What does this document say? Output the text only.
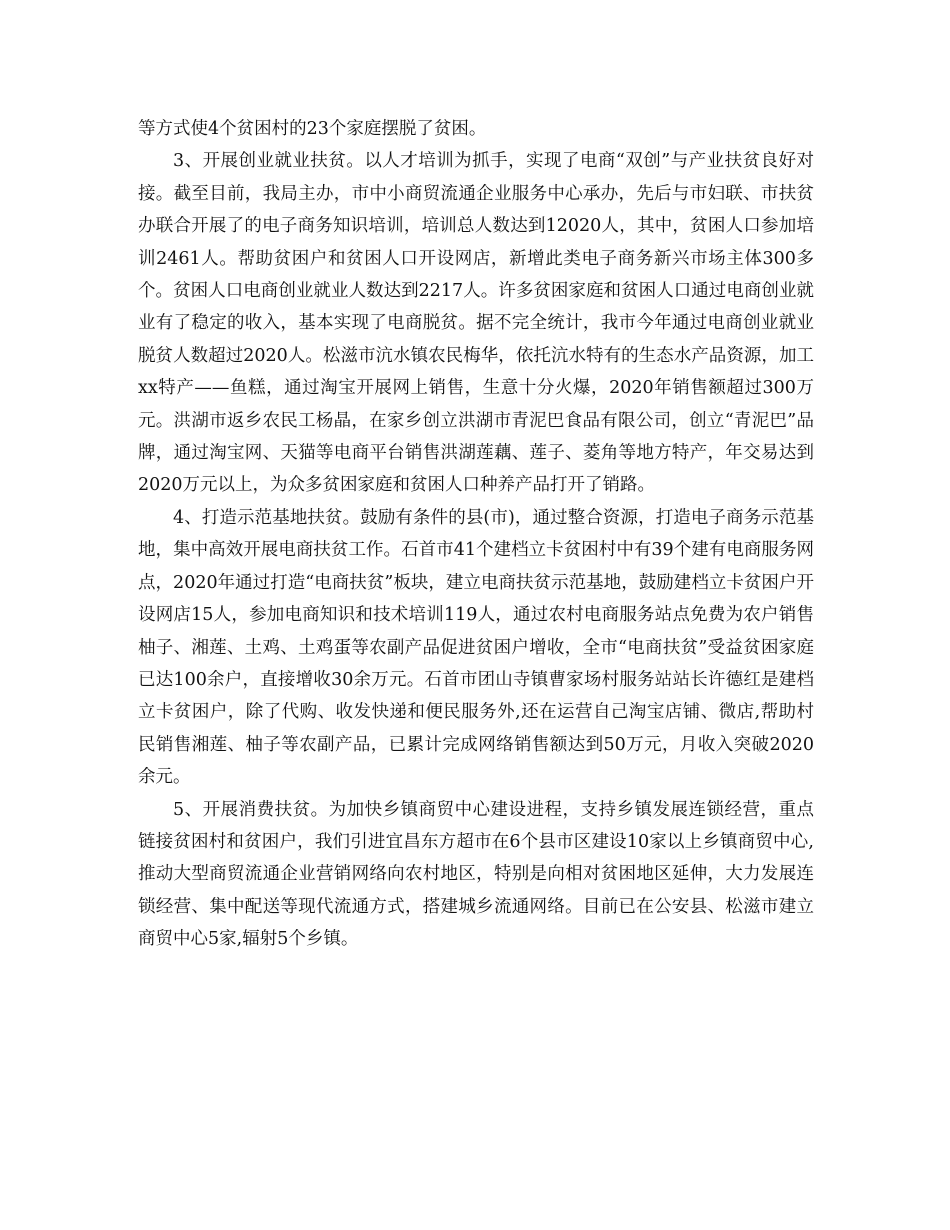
等方式使4个贫困村的23个家庭摆脱了贫困。

3、开展创业就业扶贫。以人才培训为抓手，实现了电商“双创”与产业扶贫良好对接。截至目前，我局主办，市中小商贸流通企业服务中心承办，先后与市妇联、市扶贫办联合开展了的电子商务知识培训，培训总人数达到12020人，其中，贫困人口参加培训2461人。帮助贫困户和贫困人口开设网店，新增此类电子商务新兴市场主体300多个。贫困人口电商创业就业人数达到2217人。许多贫困家庭和贫困人口通过电商创业就业有了稳定的收入，基本实现了电商脱贫。据不完全统计，我市今年通过电商创业就业脱贫人数超过2020人。松滋市沆水镇农民梅华，依托沆水特有的生态水产品资源，加工xx特产——鱼糕，通过淘宝开展网上销售，生意十分火爆，2020年销售额超过300万元。洪湖市返乡农民工杨晶，在家乡创立洪湖市青泥巴食品有限公司，创立“青泥巴”品牌，通过淘宝网、天猫等电商平台销售洪湖莲藕、莲子、菱角等地方特产，年交易达到2020万元以上，为众多贫困家庭和贫困人口种养产品打开了销路。

4、打造示范基地扶贫。鼓励有条件的县(市)，通过整合资源，打造电子商务示范基地，集中高效开展电商扶贫工作。石首市41个建档立卡贫困村中有39个建有电商服务网点，2020年通过打造“电商扶贫”板块，建立电商扶贫示范基地，鼓励建档立卡贫困户开设网店15人，参加电商知识和技术培训119人，通过农村电商服务站点免费为农户销售柚子、湘莲、土鸡、土鸡蛋等农副产品促进贫困户增收，全市“电商扶贫”受益贫困家庭已达100余户，直接增收30余万元。石首市团山寺镇曹家场村服务站站长许德红是建档立卡贫困户，除了代购、收发快递和便民服务外,还在运营自己淘宝店铺、微店,帮助村民销售湘莲、柚子等农副产品，已累计完成网络销售额达到50万元，月收入突破2020余元。

5、开展消费扶贫。为加快乡镇商贸中心建设进程，支持乡镇发展连锁经营，重点链接贫困村和贫困户，我们引进宜昌东方超市在6个县市区建设10家以上乡镇商贸中心,推动大型商贸流通企业营销网络向农村地区，特别是向相对贫困地区延伸，大力发展连锁经营、集中配送等现代流通方式，搭建城乡流通网络。目前已在公安县、松滋市建立商贸中心5家,辐射5个乡镇。
